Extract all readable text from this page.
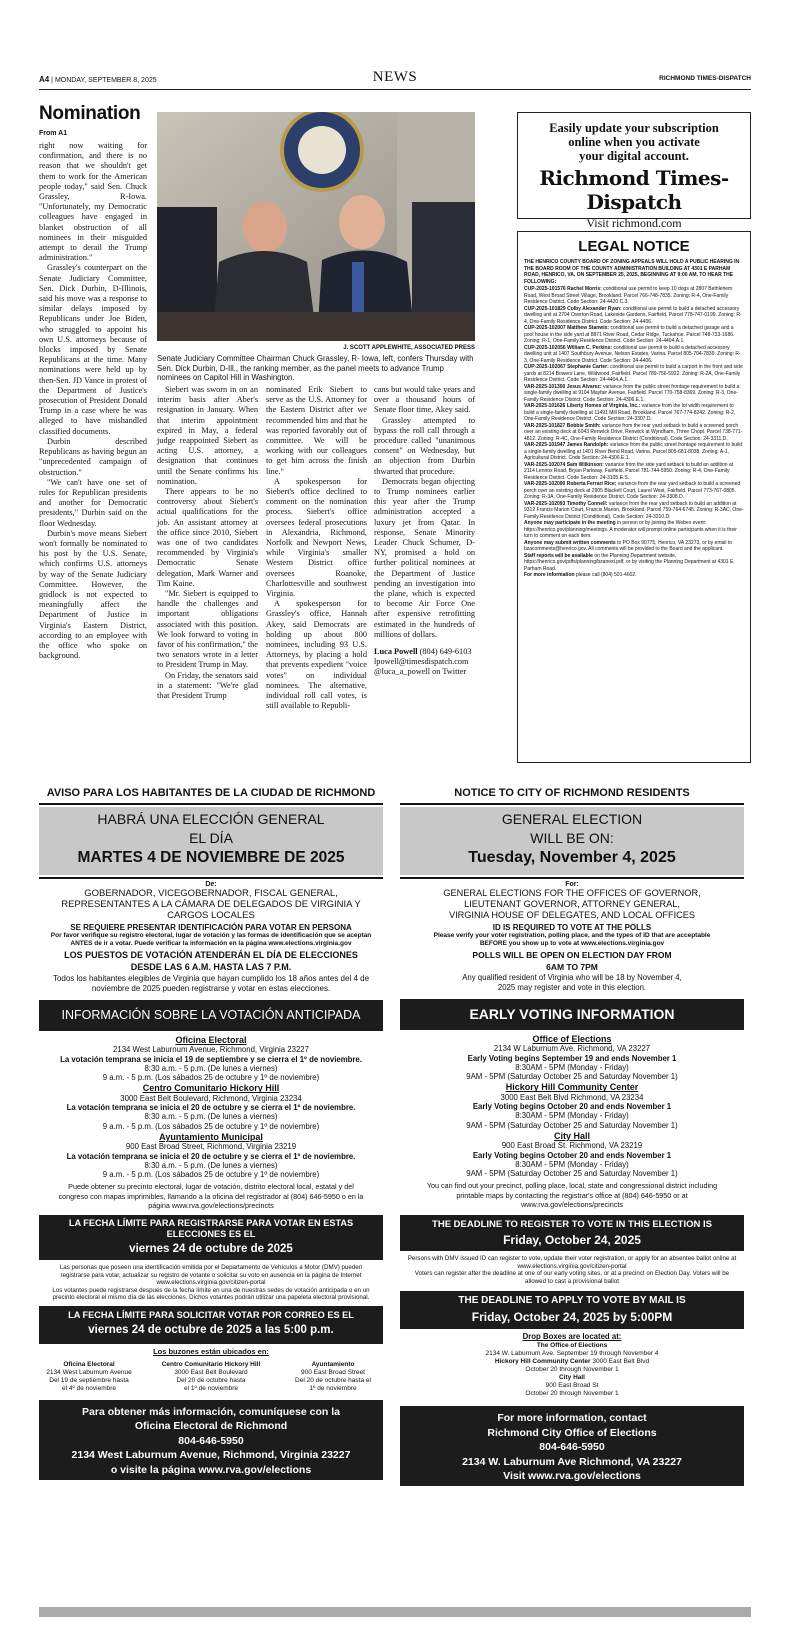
A4 | MONDAY, SEPTEMBER 8, 2025	NEWS	RICHMOND TIMES-DISPATCH
Nomination
From A1

right now waiting for confirmation, and there is no reason that we shouldn't get them to work for the American people today," said Sen. Chuck Grassley, R-Iowa. "Unfortunately, my Democratic colleagues have engaged in blanket obstruction of all nominees in their misguided attempt to derail the Trump administration."

Grassley's counterpart on the Senate Judiciary Committee, Sen. Dick Durbin, D-Illinois, said his move was a response to similar delays imposed by Republicans under Joe Biden, who struggled to appoint his own U.S. attorneys because of blocks imposed by Senate Republicans at the time. Many nominations were held up by then-Sen. JD Vance in protest of the Department of Justice's prosecution of President Donald Trump in a case where he was alleged to have mishandled classified documents.

Durbin described Republicans as having begun an "unprecedented campaign of obstruction."

"We can't have one set of rules for Republican presidents and another for Democratic presidents," Durbin said on the floor Wednesday.

Durbin's move means Siebert won't formally be nominated to his post by the U.S. Senate, which confirms U.S. attorneys by way of the Senate Judiciary Committee. However, the gridlock is not expected to meaningfully affect the Department of Justice in Virginia's Eastern District, according to an employee with the office who spoke on background.

J. SCOTT APPLEWHITE, ASSOCIATED PRESS
Senate Judiciary Committee Chairman Chuck Grassley, R- Iowa, left, confers Thursday with Sen. Dick Durbin, D-Ill., the ranking member, as the panel meets to advance Trump nominees on Capitol Hill in Washington.

Siebert was sworn in on an interim basis after Aber's resignation in January. When that interim appointment expired in May, a federal judge reappointed Siebert as acting U.S. attorney, a designation that continues until the Senate confirms his nomination.

There appears to be no controversy about Siebert's actual qualifications for the job. An assistant attorney at the office since 2010, Siebert was one of two candidates recommended by Virginia's Democratic Senate delegation, Mark Warner and Tim Kaine.

"Mr. Siebert is equipped to handle the challenges and important obligations associated with this position. We look forward to voting in favor of his confirmation," the two senators wrote in a letter to President Trump in May.

On Friday, the senators said in a statement: "We're glad that President Trump

nominated Erik Siebert to serve as the U.S. Attorney for the Eastern District after we recommended him and that he was reported favorably out of committee. We will be working with our colleagues to get him across the finish line."

A spokesperson for Siebert's office declined to comment on the nomination process. Siebert's office oversees federal prosecutions in Alexandria, Richmond, Norfolk and Newport News, while Virginia's smaller Western District office oversees Roanoke, Charlottesville and southwest Virginia.

A spokesperson for Grassley's office, Hannah Akey, said Democrats are holding up about 800 nominees, including 93 U.S. Attorneys, by placing a hold that prevents expedient "voice votes" on individual nominees. The alternative, individual roll call votes, is still available to Republi-

cans but would take years and over a thousand hours of Senate floor time, Akey said.

Grassley attempted to bypass the roll call through a procedure called "unanimous consent" on Wednesday, but an objection from Durbin thwarted that procedure.

Democrats began objecting to Trump nominees earlier this year after the Trump administration accepted a luxury jet from Qatar. In response, Senate Minority Leader Chuck Schumer, D-NY, promised a hold on further political nominees at the Department of Justice pending an investigation into the plane, which is expected to become Air Force One after expensive retrofitting estimated in the hundreds of millions of dollars.

Luca Powell (804) 649-6103
lpowell@timesdispatch.com
@luca_a_powell on Twitter

Easily update your subscription
online when you activate
your digital account.
Richmond Times-Dispatch
Visit richmond.com
LEGAL NOTICE
THE HENRICO COUNTY BOARD OF ZONING APPEALS WILL HOLD A PUBLIC HEARING IN THE BOARD ROOM OF THE COUNTY ADMINISTRATION BUILDING AT 4301 E PARHAM ROAD, HENRICO, VA, ON SEPTEMBER 25, 2025, BEGINNING AT 9:00 AM, TO HEAR THE FOLLOWING:
CUP-2025-101576 Rachel Morris: conditional use permit to keep 10 dogs at 2807 Bethlehem Road, West Broad Street Village, Brookland. Parcel 766-748-7835. Zoning: R-4, One-Family Residence District. Code Section: 24-4420.C.3.
CUP-2025-101829 Colby Alexander Ryan: conditional use permit to build a detached accessory dwelling unit at 2704 Overton Road, Lakeside Gardens, Fairfield. Parcel 778-747-0199. Zoning: R-4, One-Family Residence District. Code Section: 24-4406.
CUP-2025-102007 Matthew Stanwix: conditional use permit to build a detached garage and a pool house in the side yard at 8871 River Road, Cedar Ridge, Tuckahoe. Parcel 748-733-1686. Zoning: R-1, One-Family Residence District. Code Section: 24-4404.A.1.
CUP-2025-102056 William C. Perkins: conditional use permit to build a detached accessory dwelling unit at 1407 Southbury Avenue, Nelson Estates, Varina. Parcel 805-704-7839. Zoning: R-3, One-Family Residence District. Code Section: 24-4406.
CUP-2025-102067 Stephanie Carter: conditional use permit to build a carport in the front and side yards at 8214 Bowers Lane, Wildwood, Fairfield. Parcel 789-756-5922. Zoning: R-2A, One-Family Residence District. Code Section: 24-4404.A.1.
VAR-2025-101300 Jesus Alvarez: variance from the public street frontage requirement to build a single-family dwelling at 9104 Mayfair Avenue, Fairfield. Parcel 770-758-8369. Zoning: R-3, One-Family Residence District. Code Section: 24-4306.E.1.
VAR-2025-101626 Liberty Homes of Virginia, Inc.: variance from the lot width requirement to build a single-family dwelling at 11491 Mill Road, Brookland. Parcel 767-774-8242. Zoning: R-2, One-Family Residence District. Code Section: 24-3307.D.
VAR-2025-101827 Bobbie Smith: variance from the rear yard setback to build a screened porch over an existing deck at 6043 Renwick Drive, Renwick at Wyndham, Three Chopt. Parcel 738-771-4812. Zoning: R-4C, One-Family Residence District (Conditional). Code Section: 24-3311.D.
VAR-2025-101947 James Randolph: variance from the public street frontage requirement to build a single-family dwelling at 1401 River Bend Road, Varina. Parcel 805-681-8038. Zoning: A-1, Agricultural District. Code Section: 24-4306.E.1.
VAR-2025-102074 Sam Wilkinson: variance from the side yard setback to build an addition at 2114 Lennox Road, Bryan Parkway, Fairfield. Parcel 781-744-5950. Zoning: R-4, One-Family Residence District. Code Section: 24-3105.E.S.
VAR-2025-102090 Roberta Ferrari Rice: variance from the rear yard setback to build a screened porch over an existing deck at 2905 Blackell Court, Laurel West, Fairfield. Parcel 773-767-0805. Zoning: R-3A, One-Family Residence District. Code Section: 24-3308.D.
VAR-2025-102093 Timothy Connell: variance from the rear yard setback to build an addition at 9312 Francis Marion Court, Francis Marion, Brookland. Parcel 759-764-6745. Zoning: R-3AC, One-Family Residence District (Conditional). Code Section: 24-3310.D.
Anyone may participate in the meeting in person or by joining the Webex event: https://henrico.gov/planning/meetings. A moderator will prompt online participants when it is their turn to comment on each item.
Anyone may submit written comments to PO Box 90775, Henrico, VA 23273, or by email to bzacomments@henrico.gov. All comments will be provided to the Board and the applicant.
Staff reports will be available on the Planning Department website, https://henrico.gov/pdfs/planning/bzanext.pdf, or by visiting the Planning Department at 4301 E. Parham Road.
For more information please call (804) 501-4602.
AVISO PARA LOS HABITANTES DE LA CIUDAD DE RICHMOND
HABRÁ UNA ELECCIÓN GENERAL
EL DÍA
MARTES 4 DE NOVIEMBRE DE 2025
De:
GOBERNADOR, VICEGOBERNADOR, FISCAL GENERAL,
REPRESENTANTES A LA CÁMARA DE DELEGADOS DE VIRGINIA Y
CARGOS LOCALES
SE REQUIERE PRESENTAR IDENTIFICACIÓN PARA VOTAR EN PERSONA
Por favor verifique su registro electoral, lugar de votación y las formas de identificación que se aceptan ANTES de ir a votar. Puede verificar la información en la página www.elections.virginia.gov
LOS PUESTOS DE VOTACIÓN ATENDERÁN EL DÍA DE ELECCIONES
DESDE LAS 6 A.M. HASTA LAS 7 P.M.
Todos los habitantes elegibles de Virginia que hayan cumplido los 18 años antes del 4 de noviembre de 2025 pueden registrarse y votar en estas elecciones.
INFORMACIÓN SOBRE LA VOTACIÓN ANTICIPADA
Oficina Electoral
2134 West Laburnum Avenue, Richmond, Virginia 23227
La votación temprana se inicia el 19 de septiembre y se cierra el 1º de noviembre.
8:30 a.m. - 5 p.m. (De lunes a viernes)
9 a.m. - 5 p.m. (Los sábados 25 de octubre y 1º de noviembre)
Centro Comunitario Hickory Hill
3000 East Belt Boulevard, Richmond, Virginia 23234
La votación temprana se inicia el 20 de octubre y se cierra el 1º de noviembre.
8:30 a.m. - 5 p.m. (De lunes a viernes)
9 a.m. - 5 p.m. (Los sábados 25 de octubre y 1º de noviembre)
Ayuntamiento Municipal
900 East Broad Street, Richmond, Virginia 23219
La votación temprana se inicia el 20 de octubre y se cierra el 1º de noviembre.
8:30 a.m. - 5 p.m. (De lunes a viernes)
9 a.m. - 5 p.m. (Los sábados 25 de octubre y 1º de noviembre)
Puede obtener su precinto electoral, lugar de votación, distrito electoral local, estatal y del congreso con mapas imprimibles, llamando a la oficina del registrador al (804) 646-5950 o en la página www.rva.gov/elections/precincts
LA FECHA LÍMITE PARA REGISTRARSE PARA VOTAR EN ESTAS ELECCIONES ES EL
viernes 24 de octubre de 2025
Las personas que poseen una identificación emitida por el Departamento de Vehículos a Motor (DMV) pueden registrarse para votar, actualizar su registro de votante o solicitar su voto en ausencia en la página de Internet www.elections.virginia.gov/citizen-portal
Los votantes puede registrarse después de la fecha límite en una de nuestras sedes de votación anticipada o en un precinto electoral el mismo día de las elecciones. Dichos votantes podrán utilizar una papeleta electoral provisional.
LA FECHA LÍMITE PARA SOLICITAR VOTAR POR CORREO ES EL
viernes 24 de octubre de 2025 a las 5:00 p.m.
Los buzones están ubicados en:
Oficina Electoral
2134 West Laburnum Avenue
Del 19 de septiembre hasta
el 4º de noviembre
Centro Comunitario Hickory Hill
3000 East Belt Boulevard
Del 20 de octubre hasta
el 1º de noviembre
Ayuntamiento
900 East Broad Street
Del 20 de octubre hasta el
1º de noviembre
Para obtener más información, comuníquese con la
Oficina Electoral de Richmond
804-646-5950
2134 West Laburnum Avenue, Richmond, Virginia 23227
o visite la página www.rva.gov/elections
NOTICE TO CITY OF RICHMOND RESIDENTS
GENERAL ELECTION
WILL BE ON:
Tuesday, November 4, 2025
For:
GENERAL ELECTIONS FOR THE OFFICES OF GOVERNOR,
LIEUTENANT GOVERNOR, ATTORNEY GENERAL,
VIRGINIA HOUSE OF DELEGATES, AND LOCAL OFFICES
ID IS REQUIRED TO VOTE AT THE POLLS
Please verify your voter registration, polling place, and the types of ID that are acceptable
BEFORE you show up to vote at www.elections.virginia.gov
POLLS WILL BE OPEN ON ELECTION DAY FROM
6AM TO 7PM
Any qualified resident of Virginia who will be 18 by November 4,
2025 may register and vote in this election.
EARLY VOTING INFORMATION
Office of Elections
2134 W Laburnum Ave. Richmond, VA 23227
Early Voting begins September 19 and ends November 1
8:30AM - 5PM (Monday - Friday)
9AM - 5PM (Saturday October 25 and Saturday November 1)
Hickory Hill Community Center
3000 East Belt Blvd Richmond, VA 23234
Early Voting begins October 20 and ends November 1
8:30AM - 5PM (Monday - Friday)
9AM - 5PM (Saturday October 25 and Saturday November 1)
City Hall
900 East Broad St. Richmond, VA 23219
Early Voting begins October 20 and ends November 1
8:30AM - 5PM (Monday - Friday)
9AM - 5PM (Saturday October 25 and Saturday November 1)
You can find out your precinct, polling place, local, state and congressional district including printable maps by contacting the registrar's office at (804) 646-5950 or at www.rva.gov/elections/precincts
THE DEADLINE TO REGISTER TO VOTE IN THIS ELECTION IS
Friday, October 24, 2025
Persons with DMV issued ID can register to vote, update their voter registration, or apply for an absentee ballot online at www.elections.virginia.gov/citizen-portal
Voters can register after the deadline at one of our early voting sites, or at a precinct on Election Day. Voters will be allowed to cast a provisional ballot
THE DEADLINE TO APPLY TO VOTE BY MAIL IS
Friday, October 24, 2025 by 5:00PM
Drop Boxes are located at:
The Office of Elections
2134 W. Laburnum Ave. September 19 through November 4
Hickory Hill Community Center 3000 East Belt Blvd
October 20 through November 1
City Hall
900 East Broad St
October 20 through November 1
For more information, contact
Richmond City Office of Elections
804-646-5950
2134 W. Laburnum Ave Richmond, VA 23227
Visit www.rva.gov/elections
